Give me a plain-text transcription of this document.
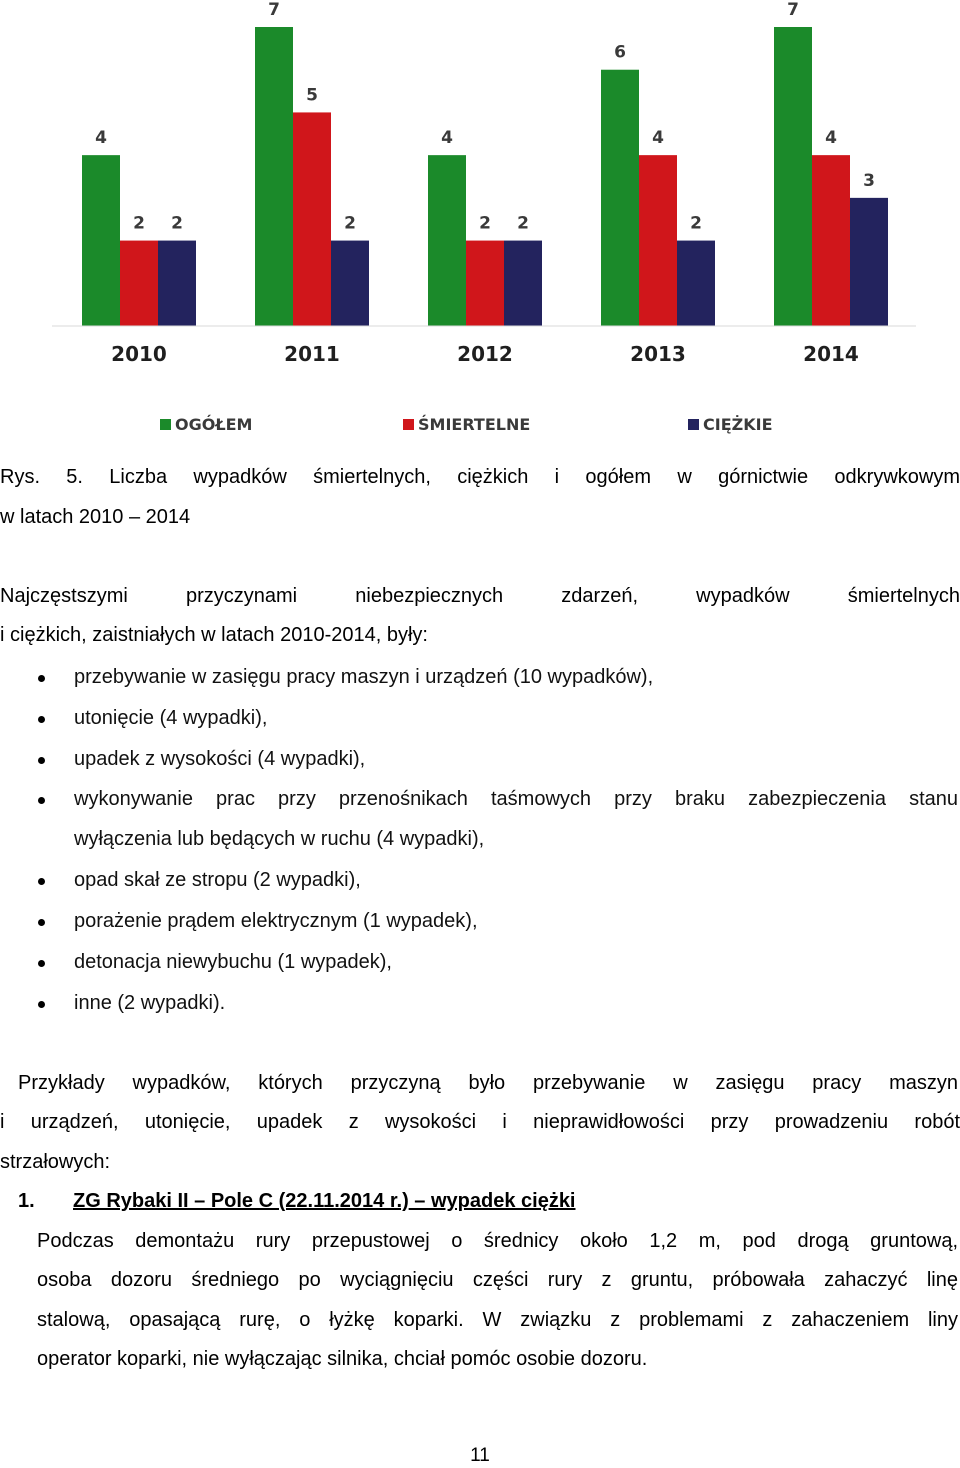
4
2 2
7
5
2
4
2 2
6
4
2
7
4
3
2010	2011	2012	2013	2014
OGÓŁEM	ŚMIERTELNE	CIĘŻKIE
Rys. 5. Liczba wypadków śmiertelnych, ciężkich i ogółem w górnictwie odkrywkowym
w latach 2010 – 2014
Najczęstszymi przyczynami niebezpiecznych zdarzeń, wypadków śmiertelnych
i ciężkich, zaistniałych w latach 2010-2014, były:
przebywanie w zasięgu pracy maszyn i urządzeń (10 wypadków),
utonięcie (4 wypadki),
upadek z wysokości (4 wypadki),
wykonywanie prac przy przenośnikach taśmowych przy braku zabezpieczenia stanu
wyłączenia lub będących w ruchu (4 wypadki),
opad skał ze stropu (2 wypadki),
porażenie prądem elektrycznym (1 wypadek),
detonacja niewybuchu (1 wypadek),
inne (2 wypadki).
Przykłady wypadków, których przyczyną było przebywanie w zasięgu pracy maszyn
i urządzeń, utonięcie, upadek z wysokości i nieprawidłowości przy prowadzeniu robót
strzałowych:
1. ZG Rybaki II – Pole C (22.11.2014 r.) – wypadek ciężki
Podczas demontażu rury przepustowej o średnicy około 1,2 m, pod drogą gruntową,
osoba dozoru średniego po wyciągnięciu części rury z gruntu, próbowała zahaczyć linę
stalową, opasającą rurę, o łyżkę koparki. W związku z problemami z zahaczeniem liny
operator koparki, nie wyłączając silnika, chciał pomóc osobie dozoru.
11
